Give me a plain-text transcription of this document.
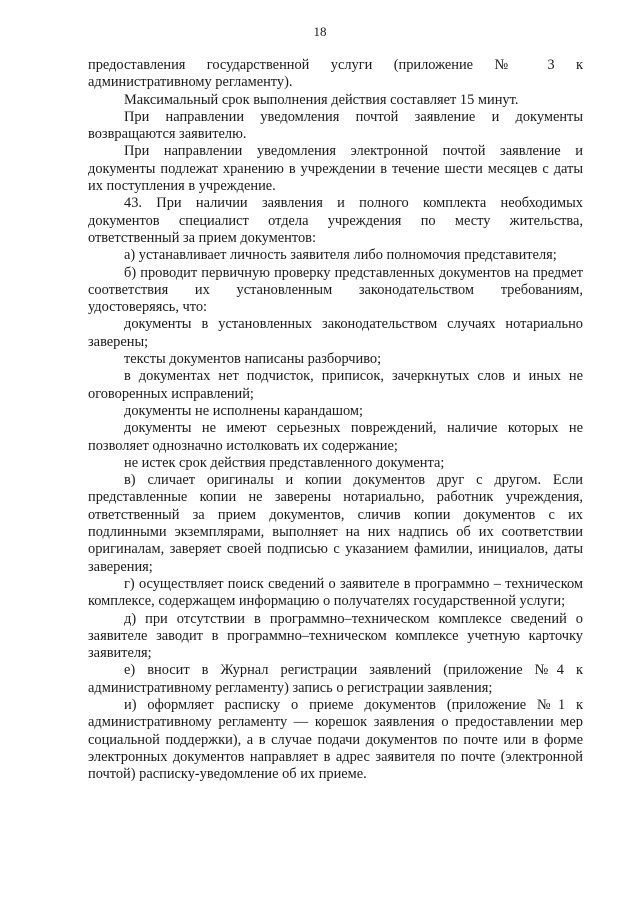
18

предоставления государственной услуги (приложение № 3 к административному регламенту).

Максимальный срок выполнения действия составляет 15 минут.

При направлении уведомления почтой заявление и документы возвращаются заявителю.

При направлении уведомления электронной почтой заявление и документы подлежат хранению в учреждении в течение шести месяцев с даты их поступления в учреждение.

43. При наличии заявления и полного комплекта необходимых документов специалист отдела учреждения по месту жительства, ответственный за прием документов:

а) устанавливает личность заявителя либо полномочия представителя;

б) проводит первичную проверку представленных документов на предмет соответствия их установленным законодательством требованиям, удостоверяясь, что:

документы в установленных законодательством случаях нотариально заверены;

тексты документов написаны разборчиво;

в документах нет подчисток, приписок, зачеркнутых слов и иных не оговоренных исправлений;

документы не исполнены карандашом;

документы не имеют серьезных повреждений, наличие которых не позволяет однозначно истолковать их содержание;

не истек срок действия представленного документа;

в) сличает оригиналы и копии документов друг с другом. Если представленные копии не заверены нотариально, работник учреждения, ответственный за прием документов, сличив копии документов с их подлинными экземплярами, выполняет на них надпись об их соответствии оригиналам, заверяет своей подписью с указанием фамилии, инициалов, даты заверения;

г) осуществляет поиск сведений о заявителе в программно – техническом комплексе, содержащем информацию о получателях государственной услуги;

д) при отсутствии в программно–техническом комплексе сведений о заявителе заводит в программно–техническом комплексе учетную карточку заявителя;

е) вносит в Журнал регистрации заявлений (приложение №4 к административному регламенту) запись о регистрации заявления;

и) оформляет расписку о приеме документов (приложение №1 к административному регламенту — корешок заявления о предоставлении мер социальной поддержки), а в случае подачи документов по почте или в форме электронных документов направляет в адрес заявителя по почте (электронной почтой) расписку-уведомление об их приеме.
